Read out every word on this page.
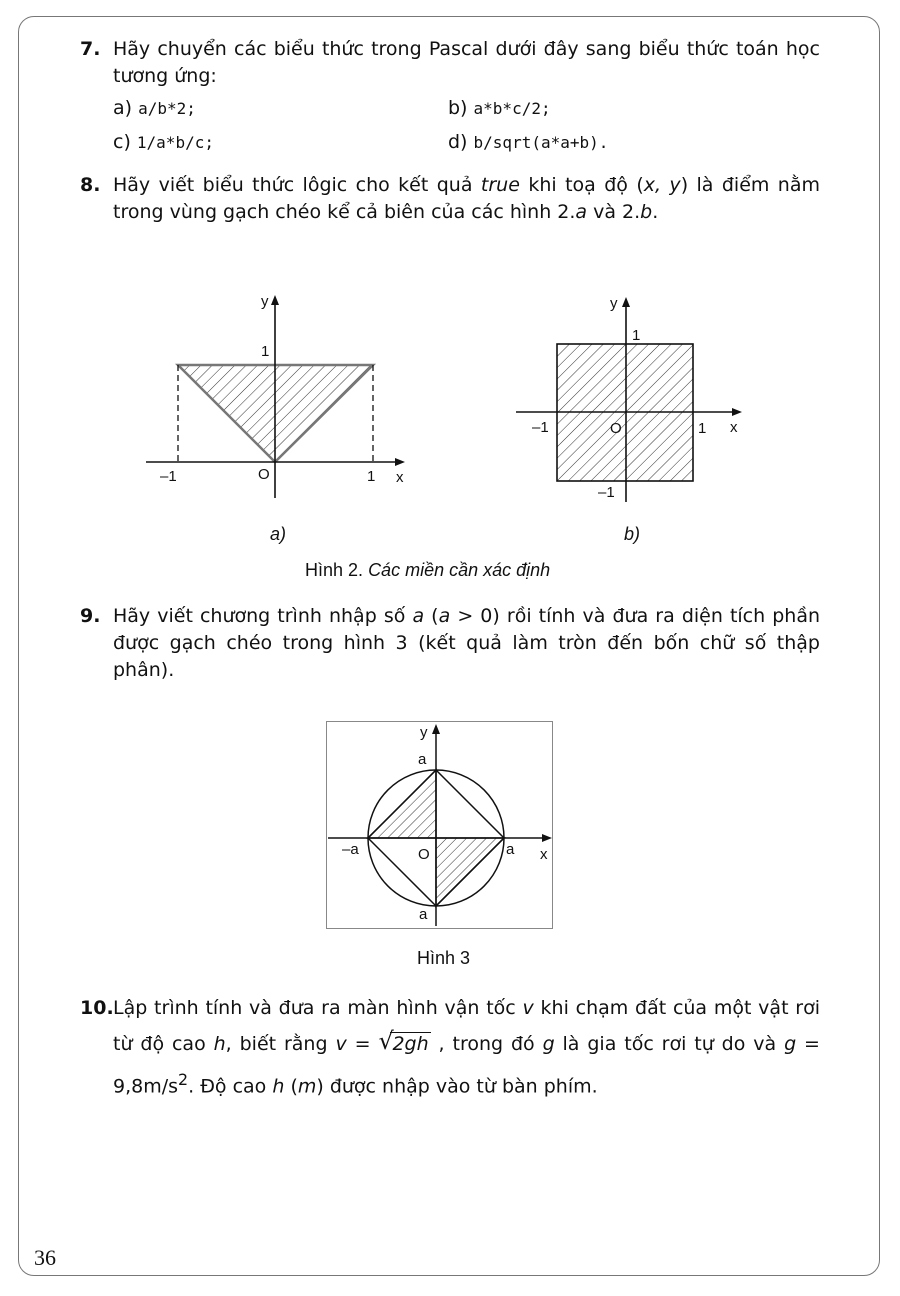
7. Hãy chuyển các biểu thức trong Pascal dưới đây sang biểu thức toán học tương ứng:
a) a/b*2;	b) a*b*c/2;
c) 1/a*b/c;	d) b/sqrt(a*a+b).
8. Hãy viết biểu thức lôgic cho kết quả true khi toạ độ (x, y) là điểm nằm trong vùng gạch chéo kể cả biên của các hình 2.a và 2.b.
y
x
1
–1	O	1
y
x
1
–1	O	1
–1
a)	b)
Hình 2. Các miền cần xác định
9. Hãy viết chương trình nhập số a (a > 0) rồi tính và đưa ra diện tích phần được gạch chéo trong hình 3 (kết quả làm tròn đến bốn chữ số thập phân).
y
x
a
a
–a	a
O
Hình 3
10. Lập trình tính và đưa ra màn hình vận tốc v khi chạm đất của một vật rơi từ độ cao h, biết rằng v = √
2gh , trong đó g là gia tốc rơi tự do và $g = 9,8m/s^2$. Độ cao h (m) được nhập vào từ bàn phím.
36
